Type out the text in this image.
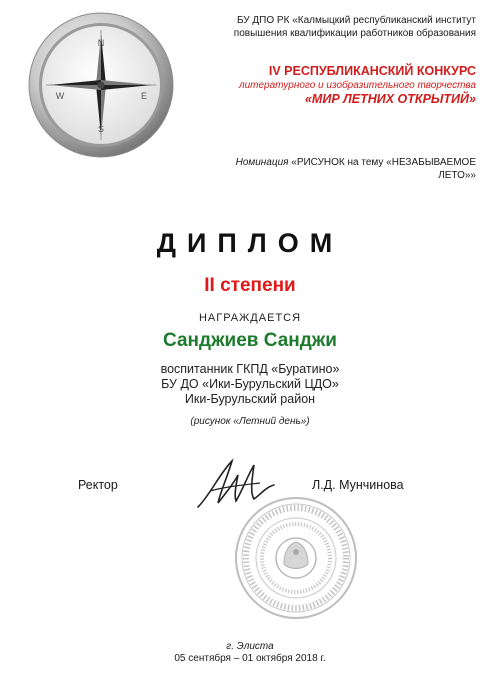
N
S
W	E
БУ ДПО РК «Калмыцкий республиканский институт
повышения квалификации работников образования
IV РЕСПУБЛИКАНСКИЙ КОНКУРС
литературного и изобразительного творчества
«МИР ЛЕТНИХ ОТКРЫТИЙ»
Номинация «РИСУНОК на тему «НЕЗАБЫВАЕМОЕ
ЛЕТО»»
ДИПЛОМ
II степени
НАГРАЖДАЕТСЯ
Санджиев Санджи
воспитанник ГКПД «Буратино»
БУ ДО «Ики-Бурульский ЦДО»
Ики-Бурульский район
(рисунок «Летний день»)
Ректор	Л.Д. Мунчинова
г. Элиста
05 сентября – 01 октября 2018 г.
